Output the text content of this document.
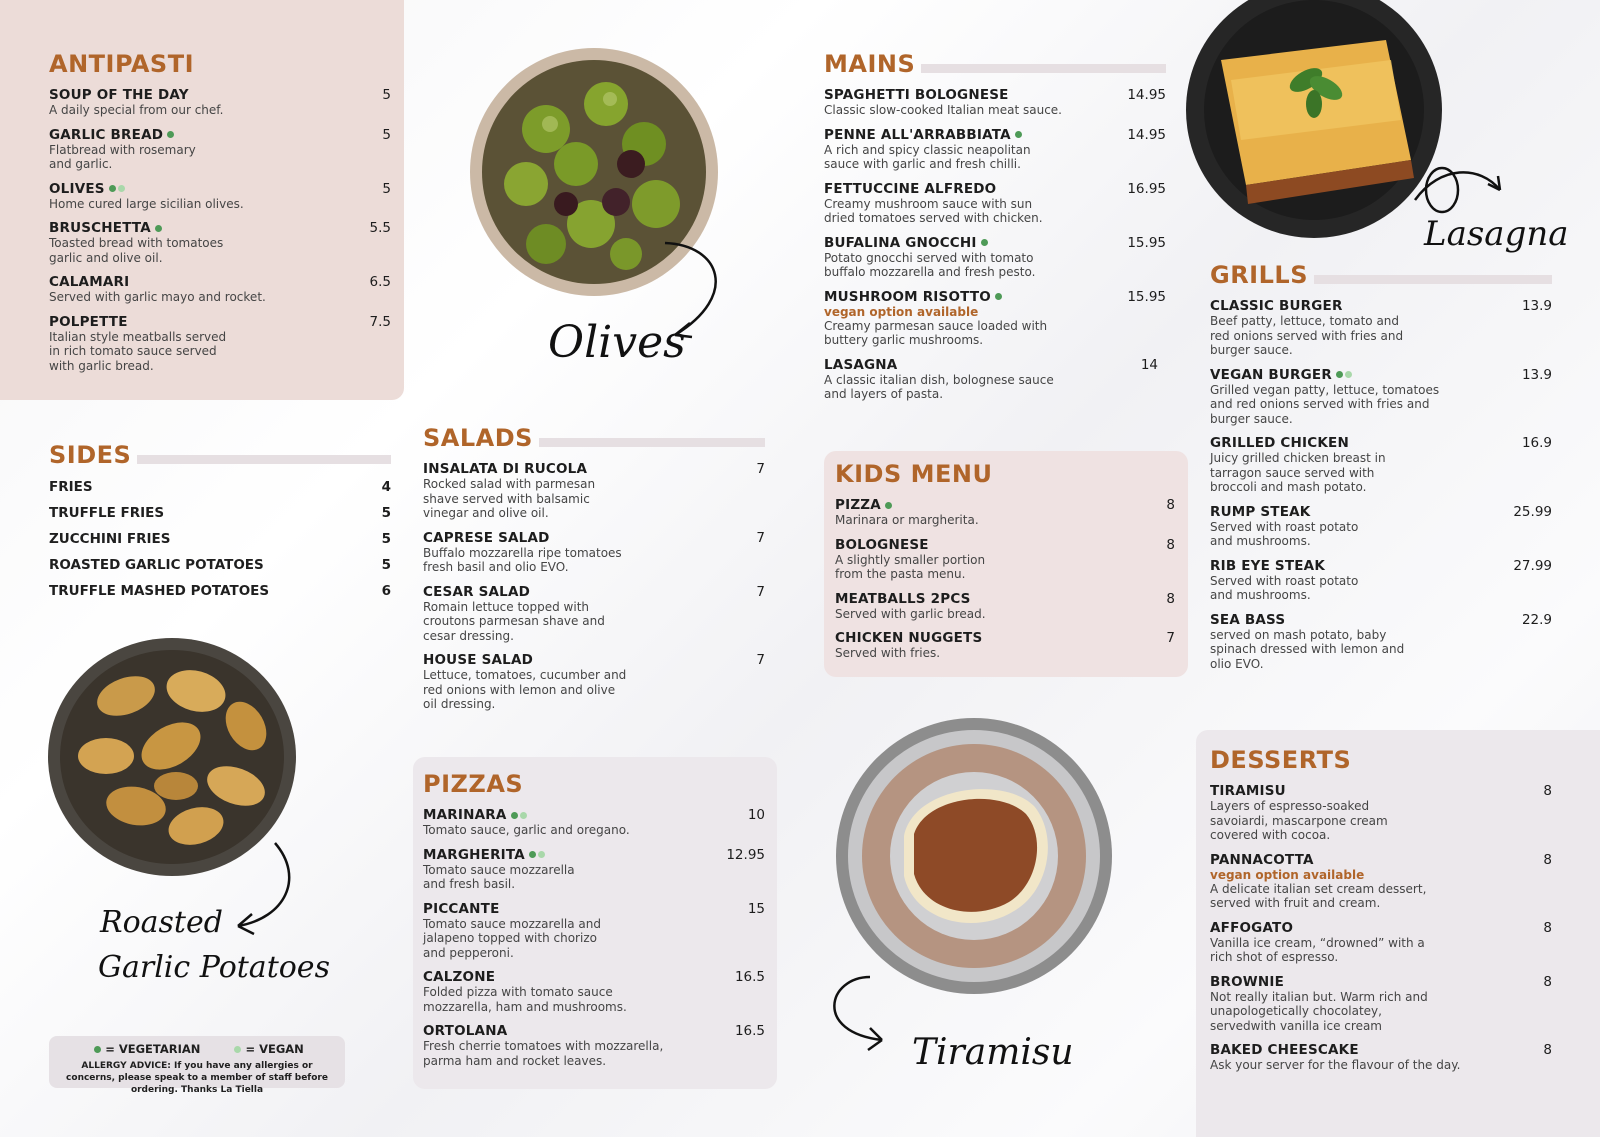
ANTIPASTI
SOUP OF THE DAY	5
A daily special from our chef.
GARLIC BREAD	5
Flatbread with rosemary and garlic.
OLIVES	5
Home cured large sicilian olives.
BRUSCHETTA	5.5
Toasted bread with tomatoes garlic and olive oil.
CALAMARI	6.5
Served with garlic mayo and rocket.
POLPETTE	7.5
Italian style meatballs served in rich tomato sauce served with garlic bread.
SIDES
FRIES	4
TRUFFLE FRIES	5
ZUCCHINI FRIES	5
ROASTED GARLIC POTATOES	5
TRUFFLE MASHED POTATOES	6
Olives
Roasted
Garlic Potatoes
= VEGETARIAN	= VEGAN
ALLERGY ADVICE: If you have any allergies or concerns, please speak to a member of staff before ordering. Thanks La Tiella
SALADS
INSALATA DI RUCOLA	7
Rocked salad with parmesan shave served with balsamic vinegar and olive oil.
CAPRESE SALAD	7
Buffalo mozzarella ripe tomatoes fresh basil and olio EVO.
CESAR SALAD	7
Romain lettuce topped with croutons parmesan shave and cesar dressing.
HOUSE SALAD	7
Lettuce, tomatoes, cucumber and red onions with lemon and olive oil dressing.
PIZZAS
MARINARA	10
Tomato sauce, garlic and oregano.
MARGHERITA	12.95
Tomato sauce mozzarella and fresh basil.
PICCANTE	15
Tomato sauce mozzarella and jalapeno topped with chorizo and pepperoni.
CALZONE	16.5
Folded pizza with tomato sauce mozzarella, ham and mushrooms.
ORTOLANA	16.5
Fresh cherrie tomatoes with mozzarella, parma ham and rocket leaves.
MAINS
SPAGHETTI BOLOGNESE	14.95
Classic slow-cooked Italian meat sauce.
PENNE ALL'ARRABBIATA	14.95
A rich and spicy classic neapolitan sauce with garlic and fresh chilli.
FETTUCCINE ALFREDO	16.95
Creamy mushroom sauce with sun dried tomatoes served with chicken.
BUFALINA GNOCCHI	15.95
Potato gnocchi served with tomato buffalo mozzarella and fresh pesto.
MUSHROOM RISOTTO	15.95
vegan option available
Creamy parmesan sauce loaded with buttery garlic mushrooms.
LASAGNA	14
A classic italian dish, bolognese sauce and layers of pasta.
KIDS MENU
PIZZA	8
Marinara or margherita.
BOLOGNESE	8
A slightly smaller portion from the pasta menu.
MEATBALLS 2PCS	8
Served with garlic bread.
CHICKEN NUGGETS	7
Served with fries.
Tiramisu
Lasagna
GRILLS
CLASSIC BURGER	13.9
Beef patty, lettuce, tomato and red onions served with fries and burger sauce.
VEGAN BURGER	13.9
Grilled vegan patty, lettuce, tomatoes and red onions served with fries and burger sauce.
GRILLED CHICKEN	16.9
Juicy grilled chicken breast in tarragon sauce served with broccoli and mash potato.
RUMP STEAK	25.99
Served with roast potato and mushrooms.
RIB EYE STEAK	27.99
Served with roast potato and mushrooms.
SEA BASS	22.9
served on mash potato, baby spinach dressed with lemon and olio EVO.
DESSERTS
TIRAMISU	8
Layers of espresso-soaked savoiardi, mascarpone cream covered with cocoa.
PANNACOTTA	8
vegan option available
A delicate italian set cream dessert, served with fruit and cream.
AFFOGATO	8
Vanilla ice cream, “drowned” with a rich shot of espresso.
BROWNIE	8
Not really italian but. Warm rich and unapologetically chocolatey, servedwith vanilla ice cream
BAKED CHEESCAKE	8
Ask your server for the flavour of the day.
